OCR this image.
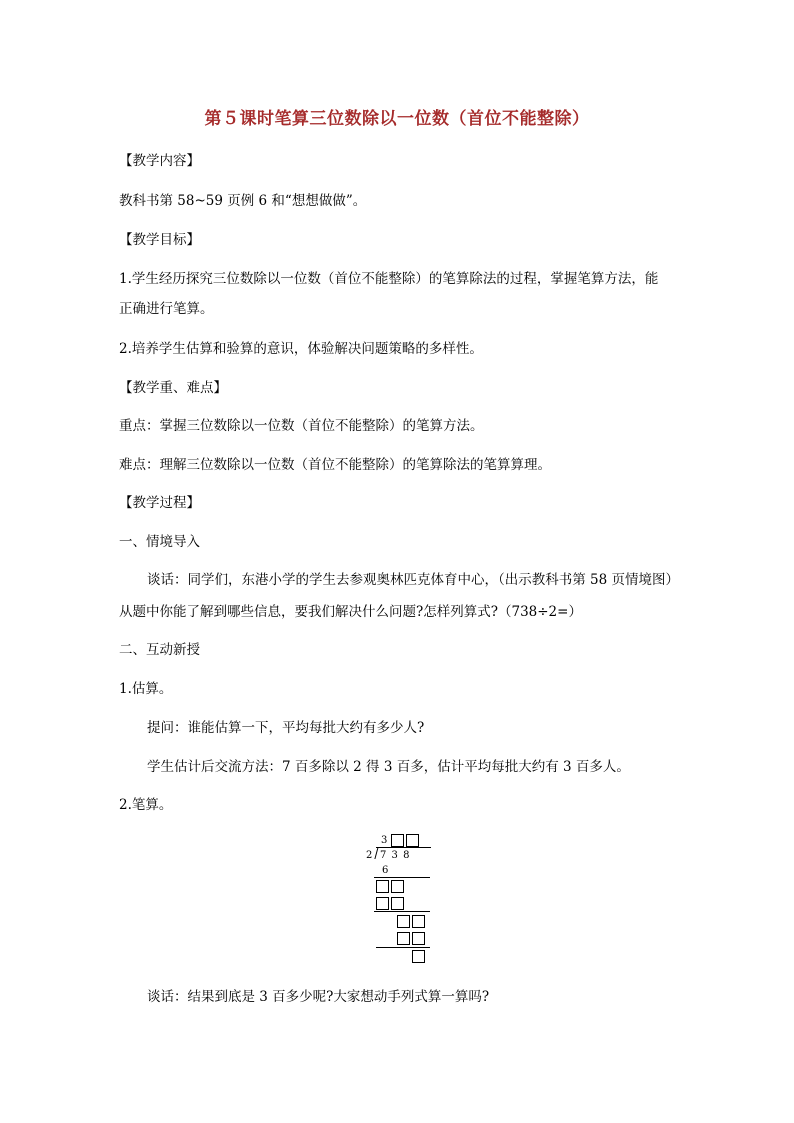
第５课时笔算三位数除以一位数（首位不能整除）
【教学内容】
教科书第 58~59 页例 6 和“想想做做”。
【教学目标】
1.学生经历探究三位数除以一位数（首位不能整除）的笔算除法的过程，掌握笔算方法，能
正确进行笔算。
2.培养学生估算和验算的意识，体验解决问题策略的多样性。
【教学重、难点】
重点：掌握三位数除以一位数（首位不能整除）的笔算方法。
难点：理解三位数除以一位数（首位不能整除）的笔算除法的笔算算理。
【教学过程】
一、情境导入
谈话：同学们，东港小学的学生去参观奥林匹克体育中心，（出示教科书第 58 页情境图）
从题中你能了解到哪些信息，要我们解决什么问题?怎样列算式?（738÷2=）
二、互动新授
1.估算。
提问：谁能估算一下，平均每批大约有多少人?
学生估计后交流方法：7 百多除以 2 得 3 百多，估计平均每批大约有 3 百多人。
2.笔算。
3
2 7 3 8
6
谈话：结果到底是 3 百多少呢?大家想动手列式算一算吗?
